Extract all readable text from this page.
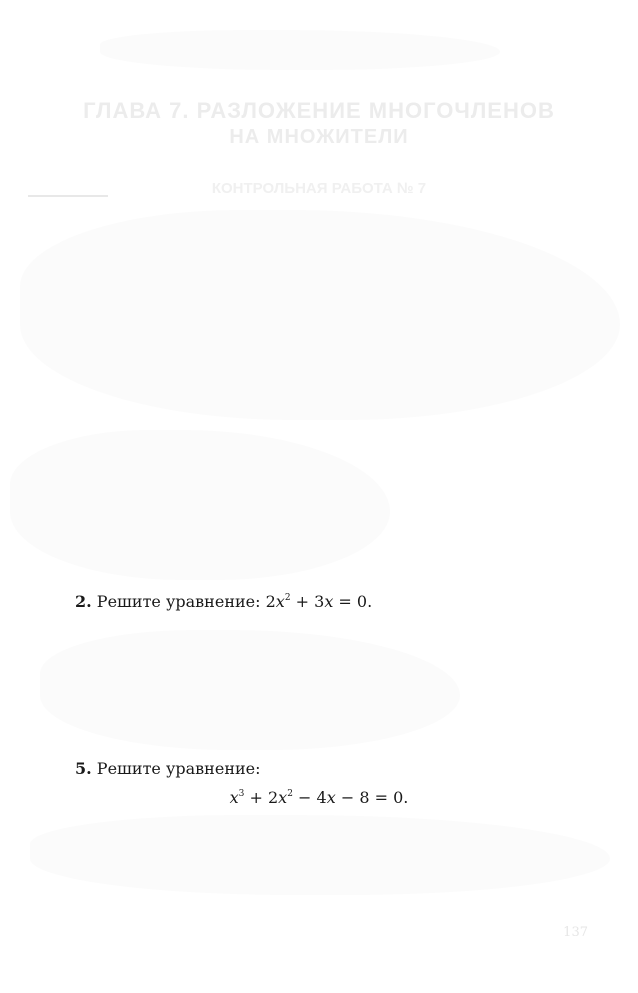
ГЛАВА 7. РАЗЛОЖЕНИЕ МНОГОЧЛЕНОВ
НА МНОЖИТЕЛИ
КОНТРОЛЬНАЯ РАБОТА № 7
2. Решите уравнение: $2x^2 + 3x = 0$.
5. Решите уравнение:
$x^3 + 2x^2 - 4x - 8 = 0$.
137
